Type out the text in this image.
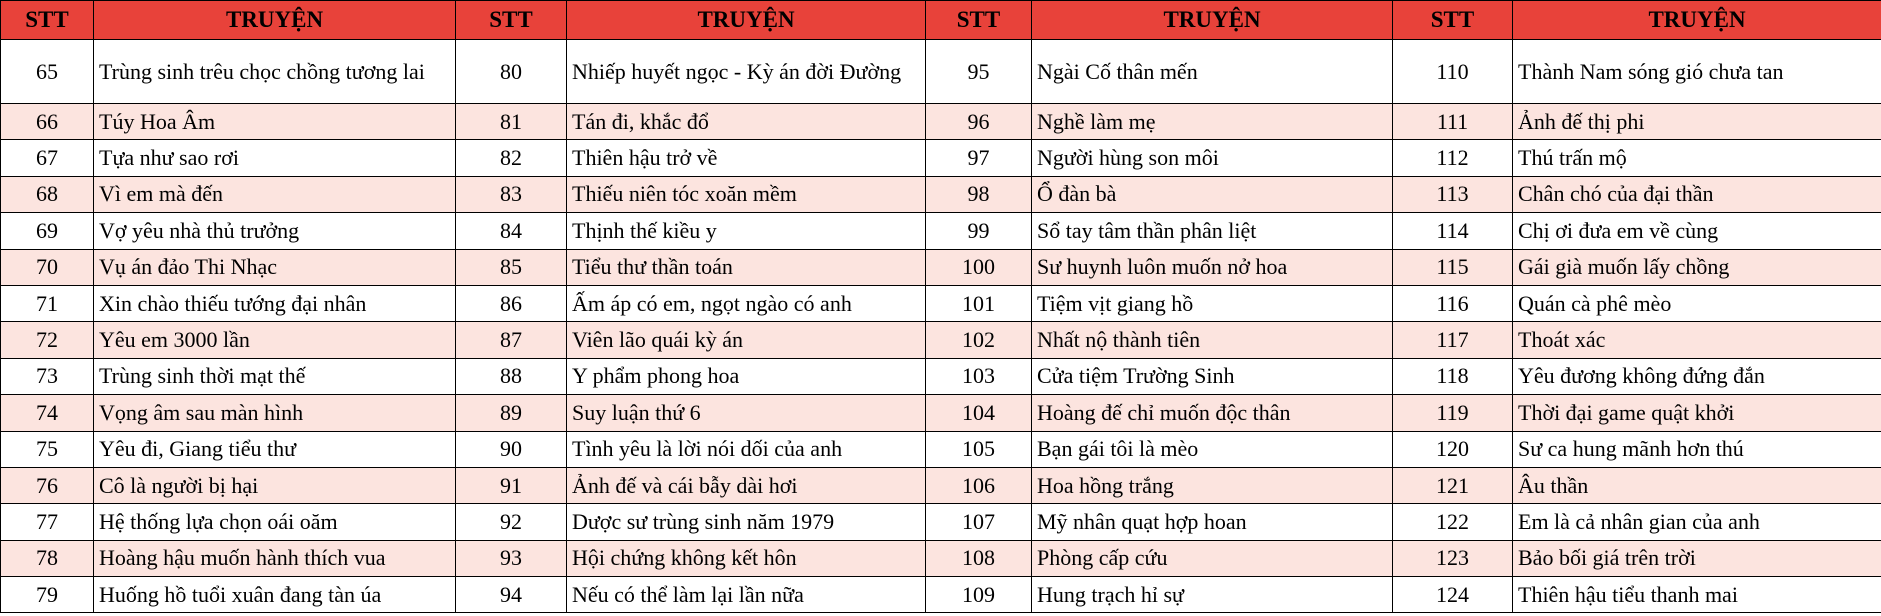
STT	TRUYỆN	STT	TRUYỆN	STT	TRUYỆN	STT	TRUYỆN
65	Trùng sinh trêu chọc chồng tương lai	80	Nhiếp huyết ngọc - Kỳ án đời Đường	95	Ngài Cố thân mến	110	Thành Nam sóng gió chưa tan
66	Túy Hoa Âm	81	Tán đi, khắc đổ	96	Nghề làm mẹ	111	Ảnh đế thị phi
67	Tựa như sao rơi	82	Thiên hậu trở về	97	Người hùng son môi	112	Thú trấn mộ
68	Vì em mà đến	83	Thiếu niên tóc xoăn mềm	98	Ổ đàn bà	113	Chân chó của đại thần
69	Vợ yêu nhà thủ trưởng	84	Thịnh thế kiều y	99	Sổ tay tâm thần phân liệt	114	Chị ơi đưa em về cùng
70	Vụ án đảo Thi Nhạc	85	Tiểu thư thần toán	100	Sư huynh luôn muốn nở hoa	115	Gái già muốn lấy chồng
71	Xin chào thiếu tướng đại nhân	86	Ấm áp có em, ngọt ngào có anh	101	Tiệm vịt giang hồ	116	Quán cà phê mèo
72	Yêu em 3000 lần	87	Viên lão quái kỳ án	102	Nhất nộ thành tiên	117	Thoát xác
73	Trùng sinh thời mạt thế	88	Y phẩm phong hoa	103	Cửa tiệm Trường Sinh	118	Yêu đương không đứng đắn
74	Vọng âm sau màn hình	89	Suy luận thứ 6	104	Hoàng đế chỉ muốn độc thân	119	Thời đại game quật khởi
75	Yêu đi, Giang tiểu thư	90	Tình yêu là lời nói dối của anh	105	Bạn gái tôi là mèo	120	Sư ca hung mãnh hơn thú
76	Cô là người bị hại	91	Ảnh đế và cái bẫy dài hơi	106	Hoa hồng trắng	121	Âu thần
77	Hệ thống lựa chọn oái oăm	92	Dược sư trùng sinh năm 1979	107	Mỹ nhân quạt hợp hoan	122	Em là cả nhân gian của anh
78	Hoàng hậu muốn hành thích vua	93	Hội chứng không kết hôn	108	Phòng cấp cứu	123	Bảo bối giá trên trời
79	Huống hồ tuổi xuân đang tàn úa	94	Nếu có thể làm lại lần nữa	109	Hung trạch hỉ sự	124	Thiên hậu tiểu thanh mai
